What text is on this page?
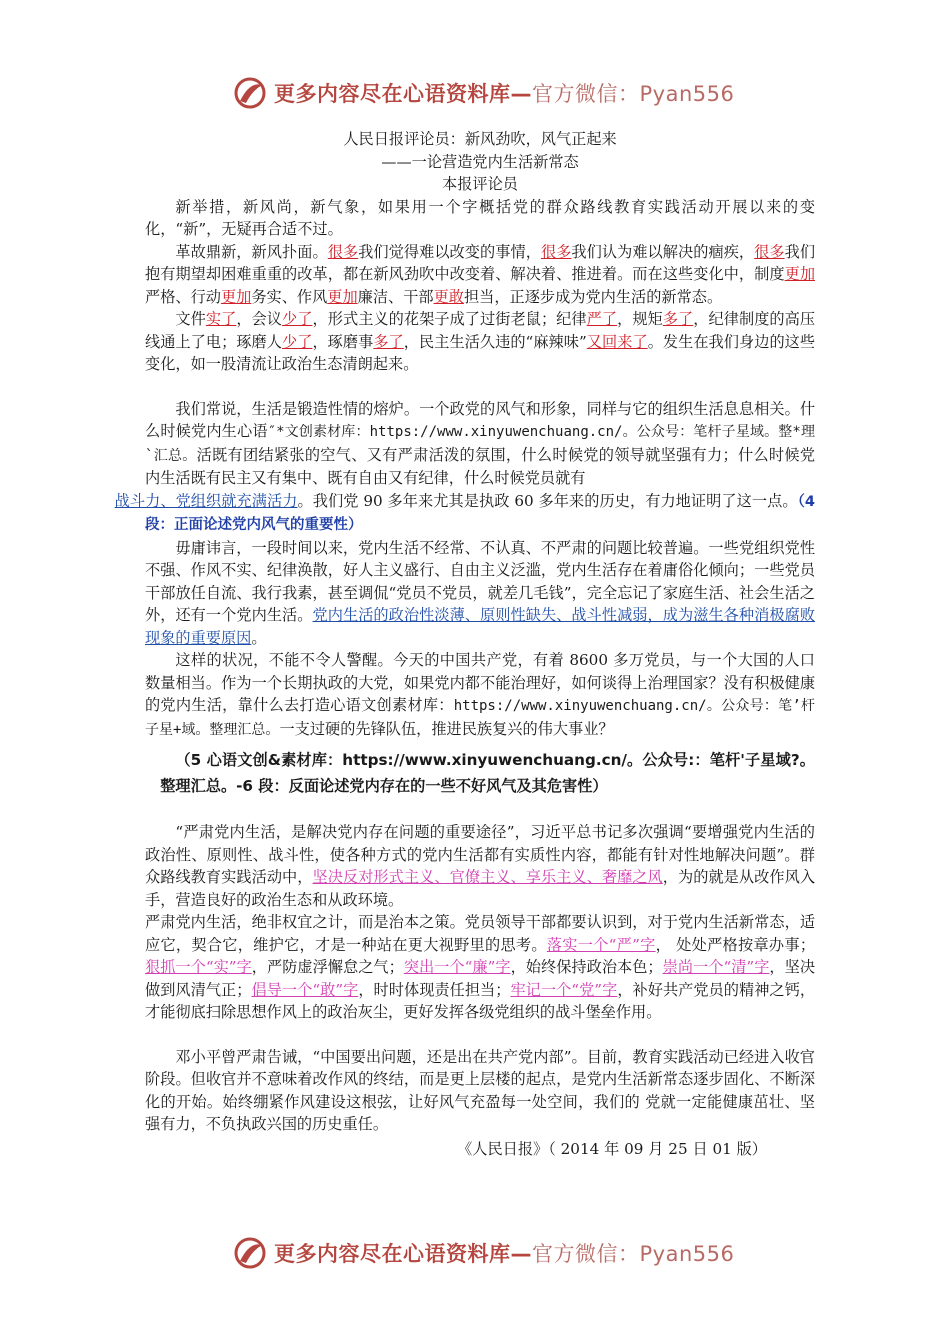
更多内容尽在心语资料库—官方微信：Pyan556
人民日报评论员：新风劲吹，风气正起来
——一论营造党内生活新常态
本报评论员

新举措，新风尚，新气象，如果用一个字概括党的群众路线教育实践活动开展以来的变化，“新”，无疑再合适不过。

革故鼎新，新风扑面。很多我们觉得难以改变的事情，很多我们认为难以解决的痼疾，很多我们抱有期望却困难重重的改革，都在新风劲吹中改变着、解决着、推进着。而在这些变化中，制度更加严格、行动更加务实、作风更加廉洁、干部更敢担当，正逐步成为党内生活的新常态。

文件实了，会议少了，形式主义的花架子成了过街老鼠；纪律严了，规矩多了，纪律制度的高压线通上了电；琢磨人少了，琢磨事多了，民主生活久违的“麻辣味”又回来了。发生在我们身边的这些变化，如一股清流让政治生态清朗起来。

我们常说，生活是锻造性情的熔炉。一个政党的风气和形象，同样与它的组织生活息息相关。什么时候党内生心语″*文创素材库：https://www.xinyuwenchuang.cn/。公众号：笔杆子星域。整*理`汇总。活既有团结紧张的空气、又有严肃活泼的氛围，什么时候党的领导就坚强有力；什么时候党内生活既有民主又有集中、既有自由又有纪律，什么时候党员就有
战斗力、党组织就充满活力。我们党 90 多年来尤其是执政 60 多年来的历史，有力地证明了这一点。（4 段：正面论述党内风气的重要性）

毋庸讳言，一段时间以来，党内生活不经常、不认真、不严肃的问题比较普遍。一些党组织党性不强、作风不实、纪律涣散，好人主义盛行、自由主义泛滥，党内生活存在着庸俗化倾向；一些党员干部放任自流、我行我素，甚至调侃“党员不党员，就差几毛钱”，完全忘记了家庭生活、社会生活之外，还有一个党内生活。党内生活的政治性淡薄、原则性缺失、战斗性减弱，成为滋生各种消极腐败现象的重要原因。

这样的状况，不能不令人警醒。今天的中国共产党，有着 8600 多万党员，与一个大国的人口数量相当。作为一个长期执政的大党，如果党内都不能治理好，如何谈得上治理国家？没有积极健康的党内生活，靠什么去打造心语文创素材库：https://www.xinyuwenchuang.cn/。公众号：笔’杆子星+域。整理汇总。一支过硬的先锋队伍，推进民族复兴的伟大事业？

（5 心语文创&素材库：https://www.xinyuwenchuang.cn/。公众号:：笔杆'子星域?。整理汇总。-6 段：反面论述党内存在的一些不好风气及其危害性）

“严肃党内生活，是解决党内存在问题的重要途径”，习近平总书记多次强调“要增强党内生活的政治性、原则性、战斗性，使各种方式的党内生活都有实质性内容，都能有针对性地解决问题”。群众路线教育实践活动中，坚决反对形式主义、官僚主义、享乐主义、奢靡之风，为的就是从改作风入手，营造良好的政治生态和从政环境。

严肃党内生活，绝非权宜之计，而是治本之策。党员领导干部都要认识到，对于党内生活新常态，适应它，契合它，维护它，才是一种站在更大视野里的思考。落实一个“严”字， 处处严格按章办事；狠抓一个“实”字，严防虚浮懈怠之气；突出一个“廉”字，始终保持政治本色；崇尚一个“清”字，坚决做到风清气正；倡导一个“敢”字，时时体现责任担当；牢记一个“党”字，补好共产党员的精神之钙，才能彻底扫除思想作风上的政治灰尘，更好发挥各级党组织的战斗堡垒作用。

邓小平曾严肃告诫，“中国要出问题，还是出在共产党内部”。目前，教育实践活动已经进入收官阶段。但收官并不意味着改作风的终结，而是更上层楼的起点，是党内生活新常态逐步固化、不断深化的开始。始终绷紧作风建设这根弦，让好风气充盈每一处空间，我们的 党就一定能健康茁壮、坚强有力，不负执政兴国的历史重任。

《人民日报》（ 2014 年 09 月 25 日 01 版）
更多内容尽在心语资料库—官方微信：Pyan556
